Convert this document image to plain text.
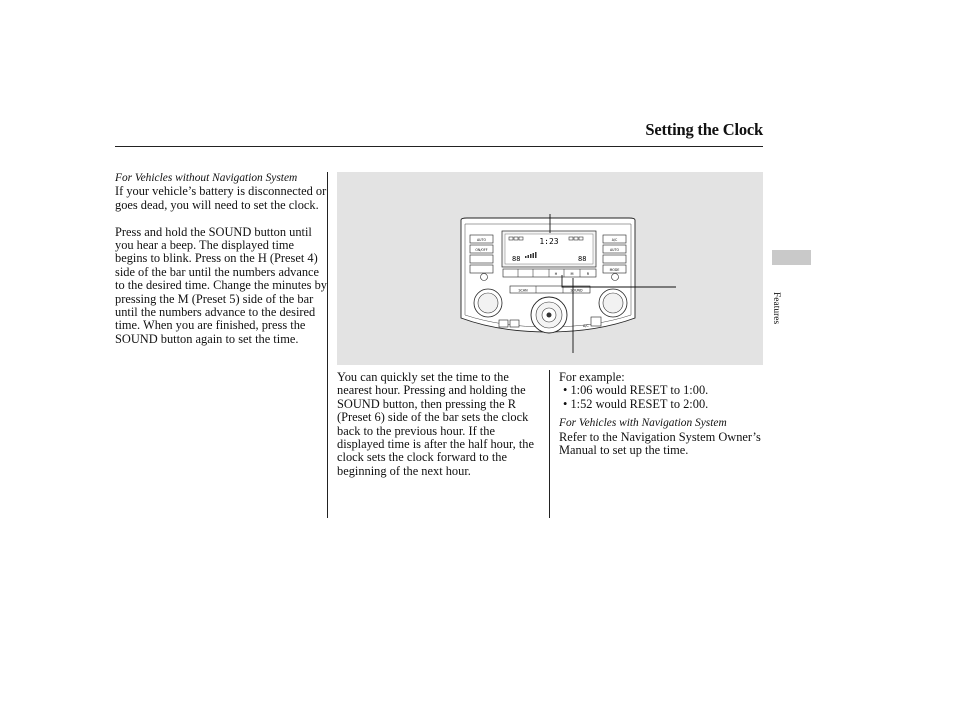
Setting the Clock

For Vehicles without Navigation System

If your vehicle’s battery is disconnected or goes dead, you will need to set the clock.

Press and hold the SOUND button until you hear a beep. The displayed time begins to blink. Press on the H (Preset 4) side of the bar until the numbers advance to the desired time. Change the minutes by pressing the M (Preset 5) side of the bar until the numbers advance to the desired time. When you are finished, press the SOUND button again to set the time.

You can quickly set the time to the nearest hour. Pressing and holding the SOUND button, then pressing the R (Preset 6) side of the bar sets the clock back to the previous hour. If the displayed time is after the half hour, the clock sets the clock forward to the beginning of the next hour.

For example:

• 1:06 would RESET to 1:00.

• 1:52 would RESET to 2:00.

For Vehicles with Navigation System

Refer to the Navigation System Owner’s Manual to set up the time.

Features
AUTO
ON/OFF
A/C
AUTO
MODE
1:23
88	88
H	M	R
SCAN	SOUND
A/C
